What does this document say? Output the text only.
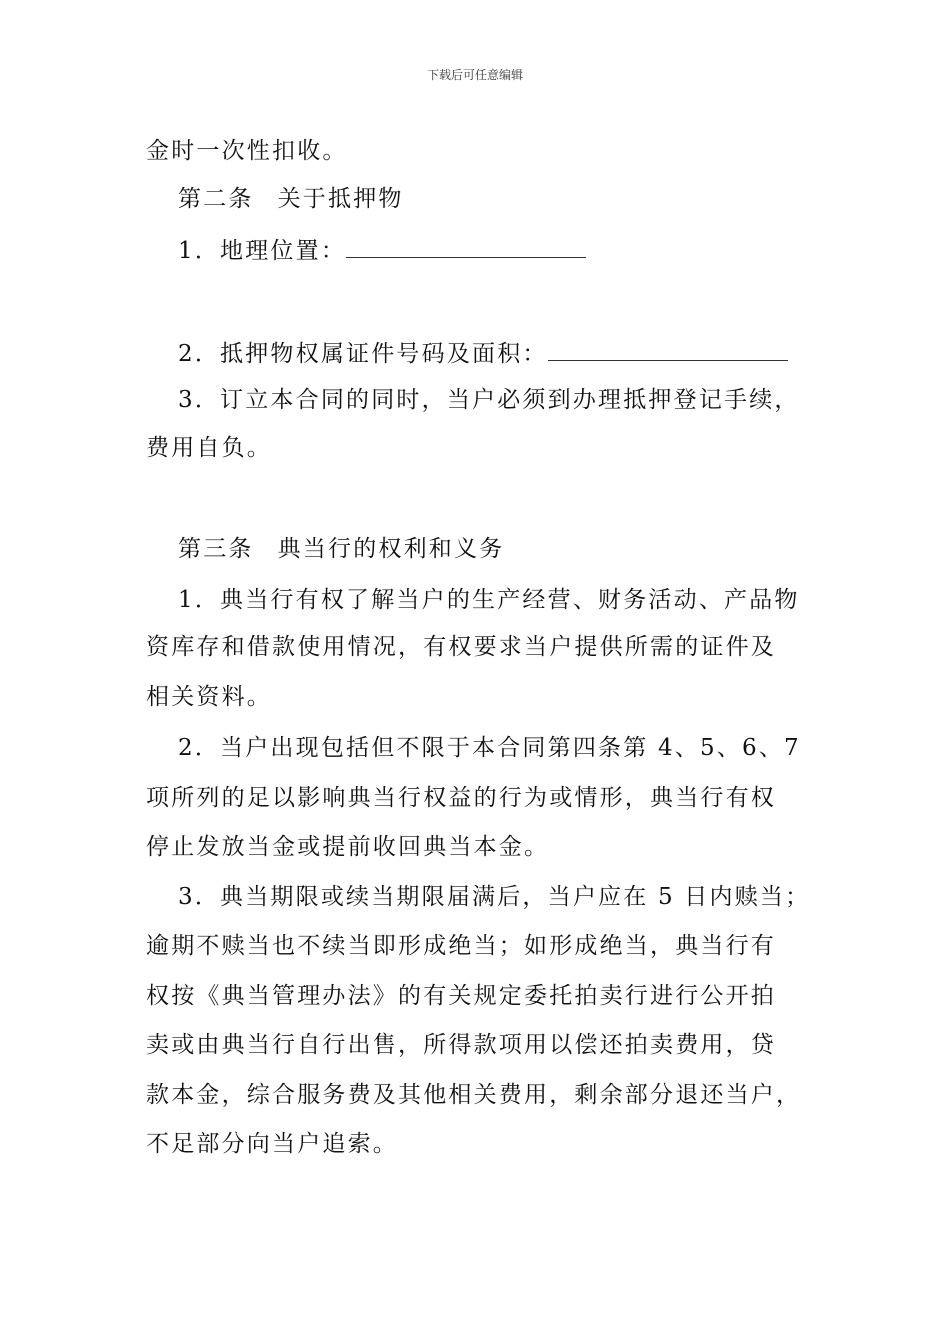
下载后可任意编辑
金时一次性扣收。
第二条 关于抵押物
1．地理位置：
2．抵押物权属证件号码及面积：
3．订立本合同的同时，当户必须到办理抵押登记手续，
费用自负。
第三条 典当行的权利和义务
1．典当行有权了解当户的生产经营、财务活动、产品物
资库存和借款使用情况，有权要求当户提供所需的证件及
相关资料。
2．当户出现包括但不限于本合同第四条第 4、5、6、7
项所列的足以影响典当行权益的行为或情形，典当行有权
停止发放当金或提前收回典当本金。
3．典当期限或续当期限届满后，当户应在 5 日内赎当；
逾期不赎当也不续当即形成绝当；如形成绝当，典当行有
权按《典当管理办法》的有关规定委托拍卖行进行公开拍
卖或由典当行自行出售，所得款项用以偿还拍卖费用，贷
款本金，综合服务费及其他相关费用，剩余部分退还当户，
不足部分向当户追索。
